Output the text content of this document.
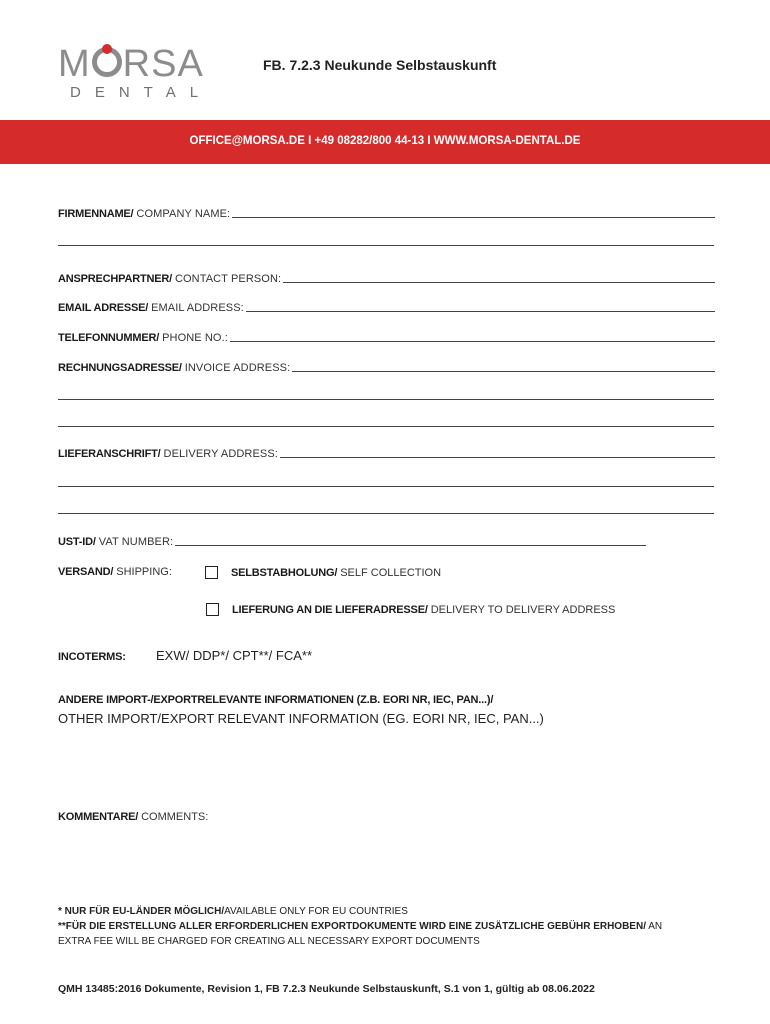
M RSA
DENTAL
FB. 7.2.3 Neukunde Selbstauskunft
OFFICE@MORSA.DE I +49 08282/800 44-13 I WWW.MORSA-DENTAL.DE
FIRMENNAME/ COMPANY NAME:
ANSPRECHPARTNER/ CONTACT PERSON:
EMAIL ADRESSE/ EMAIL ADDRESS:
TELEFONNUMMER/ PHONE NO.:
RECHNUNGSADRESSE/ INVOICE ADDRESS:
LIEFERANSCHRIFT/ DELIVERY ADDRESS:
UST-ID/ VAT NUMBER:
VERSAND/ SHIPPING:	SELBSTABHOLUNG/ SELF COLLECTION
LIEFERUNG AN DIE LIEFERADRESSE/ DELIVERY TO DELIVERY ADDRESS
INCOTERMS: EXW/ DDP*/ CPT**/ FCA**
ANDERE IMPORT-/EXPORTRELEVANTE INFORMATIONEN (Z.B. EORI NR, IEC, PAN...)/
OTHER IMPORT/EXPORT RELEVANT INFORMATION (EG. EORI NR, IEC, PAN...)
KOMMENTARE/ COMMENTS:
* NUR FÜR EU-LÄNDER MÖGLICH/AVAILABLE ONLY FOR EU COUNTRIES
**FÜR DIE ERSTELLUNG ALLER ERFORDERLICHEN EXPORTDOKUMENTE WIRD EINE ZUSÄTZLICHE GEBÜHR ERHOBEN/ AN
EXTRA FEE WILL BE CHARGED FOR CREATING ALL NECESSARY EXPORT DOCUMENTS
QMH 13485:2016 Dokumente, Revision 1, FB 7.2.3 Neukunde Selbstauskunft, S.1 von 1, gültig ab 08.06.2022
